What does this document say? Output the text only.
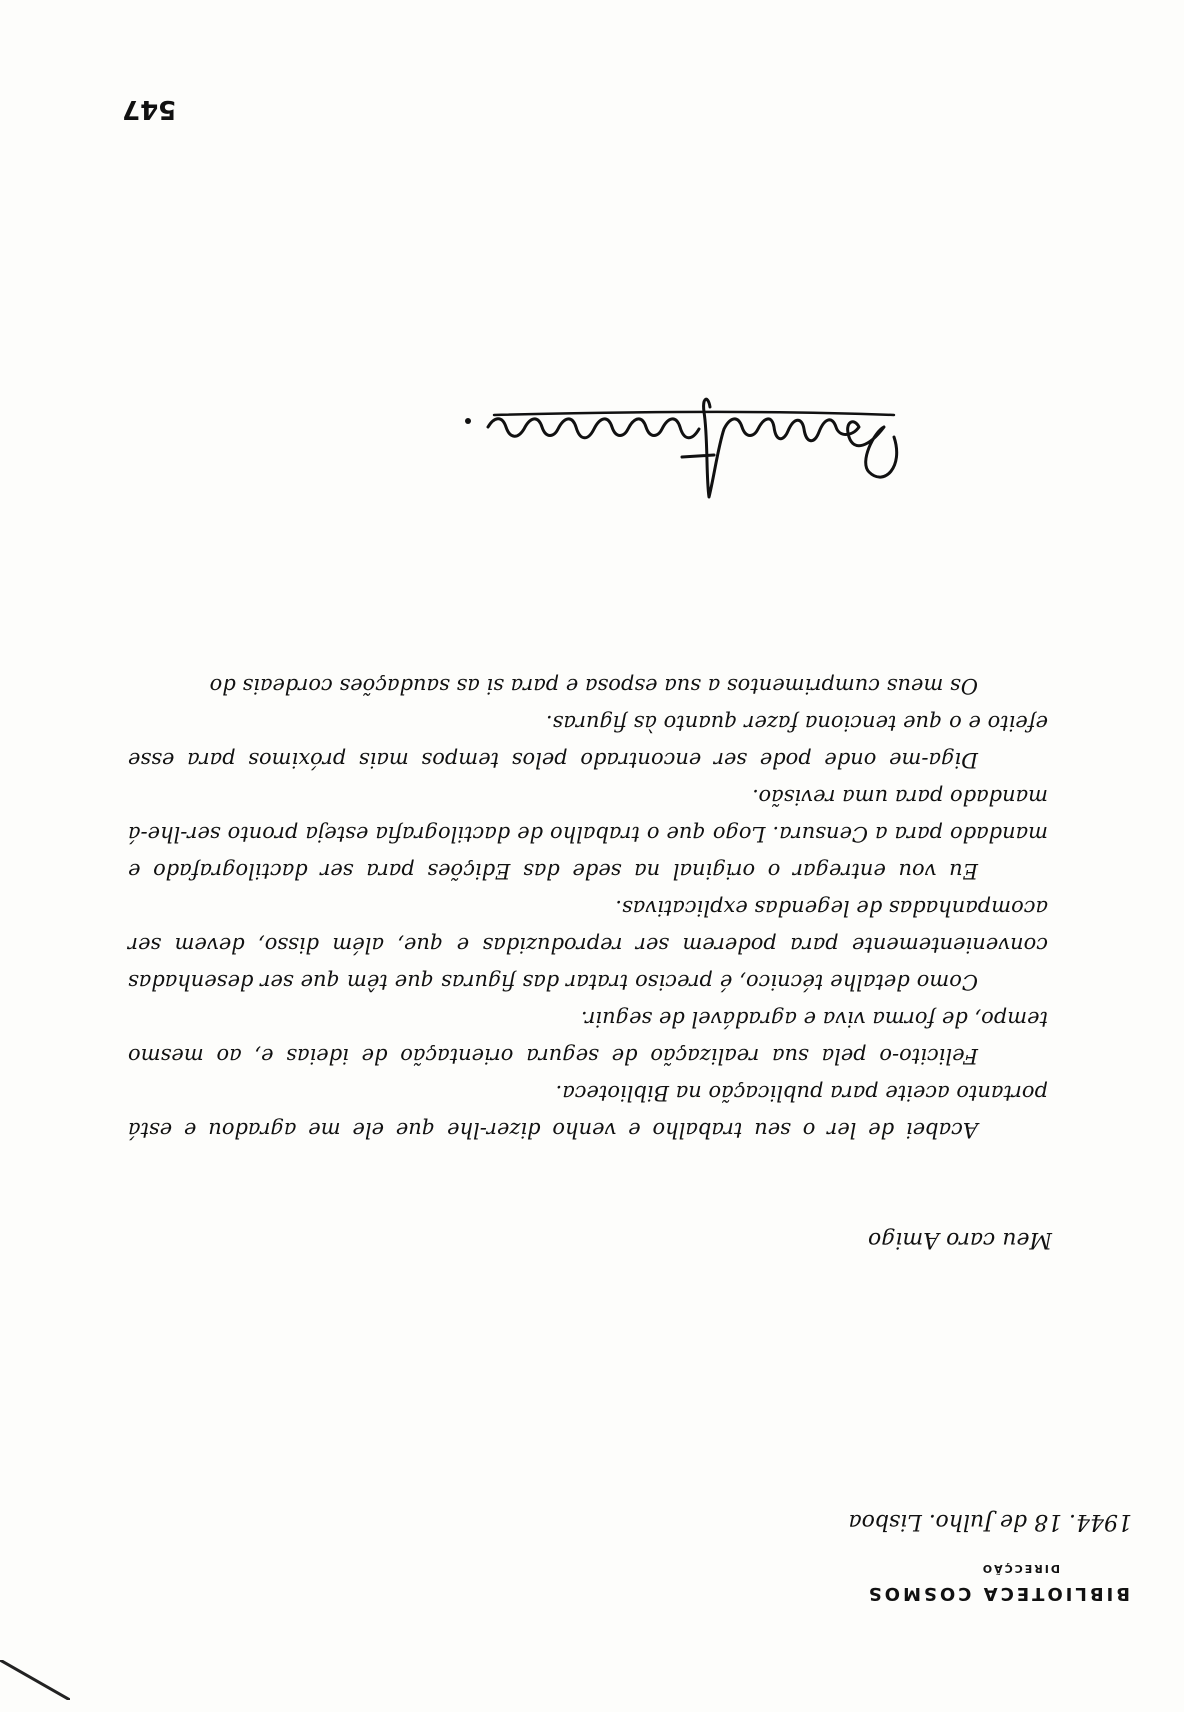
BIBLIOTECA COSMOS
DIRECÇÃO
1944. 18 de Julho. Lisboa
Meu caro Amigo

Acabei de ler o seu trabalho e venho dizer-lhe que ele me agradou e está portanto aceite para publicação na Biblioteca.

Felicito-o pela sua realização de segura orientação de ideias e, ao mesmo tempo, de forma viva e agradável de seguir.

Como detalhe técnico, é preciso tratar das figuras que têm que ser desenhadas convenientemente para poderem ser reproduzidas e que, além disso, devem ser acompanhadas de legendas explicativas.

Eu vou entregar o original na sede das Edições para ser dactilografado e mandado para a Censura. Logo que o trabalho de dactilografia esteja pronto ser-lhe-á mandado para uma revisão.

Diga-me onde pode ser encontrado pelos tempos mais próximos para esse efeito e o que tenciona fazer quanto às figuras.

Os meus cumprimentos a sua esposa e para si as saudações cordeais do

547
